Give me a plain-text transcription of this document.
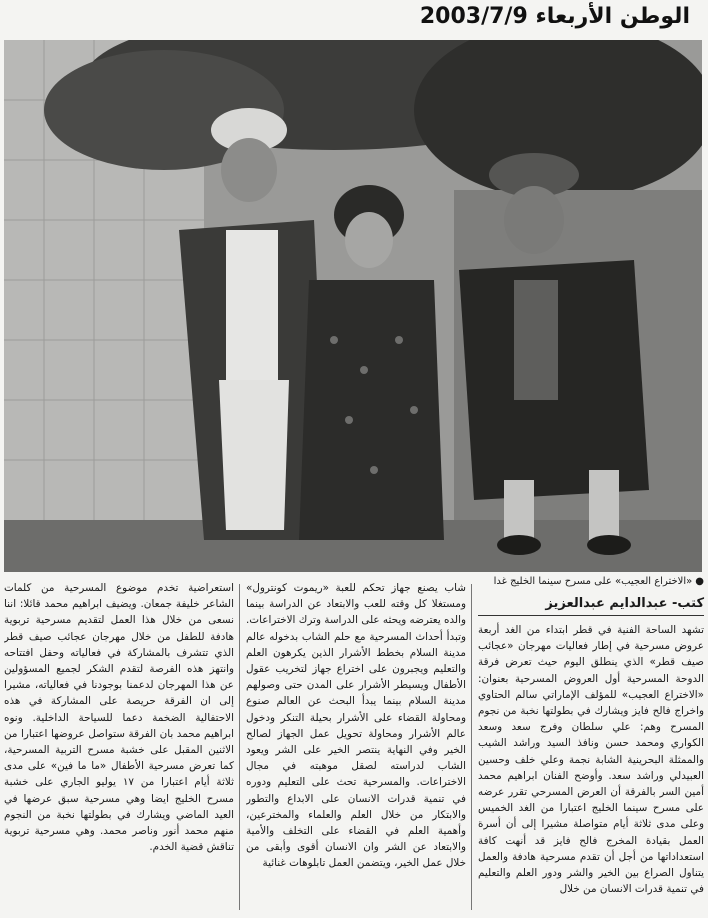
الوطن الأربعاء 2003/7/9
●«الاختراع العجيب» على مسرح سينما الخليج غدا
كتب- عبدالدايم عبدالعزيز

تشهد الساحة الفنية في قطر ابتداء من الغد أربعة عروض مسرحية في إطار فعاليات مهرجان «عجائب صيف قطر» الذي ينطلق اليوم حيث تعرض فرقة الدوحة المسرحية أول العروض المسرحية بعنوان: «الاختراع العجيب» للمؤلف الإماراتي سالم الحتاوي واخراج فالح فايز ويشارك في بطولتها نخبة من نجوم المسرح وهم: علي سلطان وفرج سعد وسعد الكواري ومحمد حسن ونافذ السيد وراشد الشيب والممثلة البحرينية الشابة نجمة وعلي خلف وحسين العبيدلي وراشد سعد. وأوضح الفنان ابراهيم محمد أمين السر بالفرقة أن العرض المسرحي تقرر عرضه على مسرح سينما الخليج اعتبارا من الغد الخميس وعلى مدى ثلاثة أيام متواصلة مشيرا إلى أن أسرة العمل بقيادة المخرج فالح فايز قد أنهت كافة استعداداتها من أجل أن تقدم مسرحية هادفة والعمل يتناول الصراع بين الخير والشر ودور العلم والتعليم في تنمية قدرات الانسان من خلال

شاب يصنع جهاز تحكم للعبة «ريموت كونترول» ومستغلا كل وقته للعب والابتعاد عن الدراسة بينما والده يعترضه ويحثه على الدراسة وترك الاختراعات. وتبدأ أحداث المسرحية مع حلم الشاب بدخوله عالم مدينة السلام بخطط الأشرار الذين يكرهون العلم والتعليم ويجبرون على اختراع جهاز لتخريب عقول الأطفال ويسيطر الأشرار على المدن حتى وصولهم مدينة السلام بينما يبدأ البحث عن العالم صنوع ومحاولة القضاء على الأشرار بحيلة التنكر ودخول عالم الأشرار ومحاولة تحويل عمل الجهاز لصالح الخير وفي النهاية ينتصر الخير على الشر ويعود الشاب لدراسته لصقل موهبته في مجال الاختراعات. والمسرحية تحث على التعليم ودوره في تنمية قدرات الانسان على الابداع والتطور والابتكار من خلال العلم والعلماء والمخترعين، وأهمية العلم في القضاء على التخلف والأمية والابتعاد عن الشر وان الانسان أقوى وأبقى من خلال عمل الخير، ويتضمن العمل تابلوهات غنائية

استعراضية تخدم موضوع المسرحية من كلمات الشاعر خليفة جمعان. ويضيف ابراهيم محمد قائلا: اننا نسعى من خلال هذا العمل لتقديم مسرحية تربوية هادفة للطفل من خلال مهرجان عجائب صيف قطر الذي تتشرف بالمشاركة في فعالياته وحفل افتتاحه وانتهز هذه الفرصة لتقدم الشكر لجميع المسؤولين عن هذا المهرجان لدعمنا بوجودنا في فعالياته، مشيرا إلى ان الفرقة حريصة على المشاركة في هذه الاحتفالية الضخمة دعما للسياحة الداخلية. ونوه ابراهيم محمد بان الفرقة ستواصل عروضها اعتبارا من الاثنين المقبل على خشبة مسرح التربية المسرحية، كما تعرض مسرحية الأطفال «ما ما فين» على مدى ثلاثة أيام اعتبارا من ١٧ يوليو الجاري على خشبة مسرح الخليج ايضا وهي مسرحية سبق عرضها في العيد الماضي ويشارك في بطولتها نخبة من النجوم منهم محمد أنور وناصر محمد. وهي مسرحية تربوية تناقش قضية الخدم.
